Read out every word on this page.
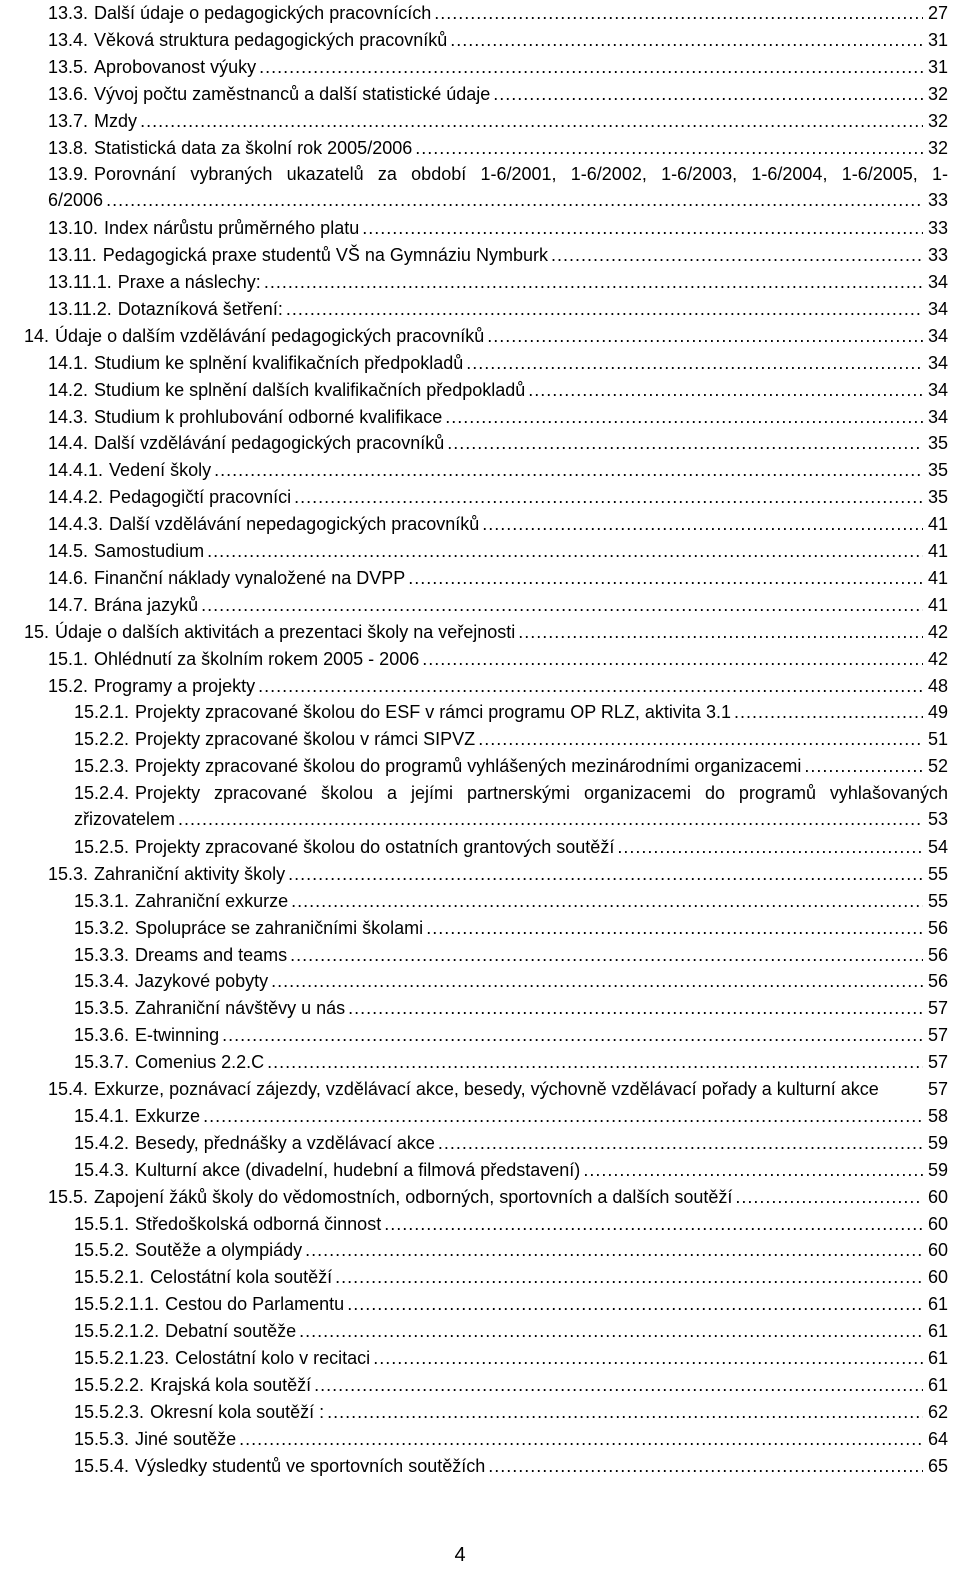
13.3. Další údaje o pedagogických pracovnících .....	27
13.4. Věková struktura pedagogických pracovníků .....	31
13.5. Aprobovanost výuky .....	31
13.6. Vývoj počtu zaměstnanců a další statistické údaje .....	32
13.7. Mzdy .....	32
13.8. Statistická data za školní rok 2005/2006 .....	32
13.9. Porovnání vybraných ukazatelů za období 1-6/2001, 1-6/2002, 1-6/2003, 1-6/2004, 1-6/2005, 1-
6/2006 .....	33
13.10. Index nárůstu průměrného platu .....	33
13.11. Pedagogická praxe studentů VŠ na Gymnáziu Nymburk .....	33
13.11.1. Praxe a náslechy: .....	34
13.11.2. Dotazníková šetření: .....	34
14. Údaje o dalším vzdělávání pedagogických pracovníků .....	34
14.1. Studium ke splnění kvalifikačních předpokladů .....	34
14.2. Studium ke splnění dalších kvalifikačních předpokladů .....	34
14.3. Studium k prohlubování odborné kvalifikace .....	34
14.4. Další vzdělávání pedagogických pracovníků .....	35
14.4.1. Vedení školy .....	35
14.4.2. Pedagogičtí pracovníci .....	35
14.4.3. Další vzdělávání nepedagogických pracovníků .....	41
14.5. Samostudium .....	41
14.6. Finanční náklady vynaložené na DVPP .....	41
14.7. Brána jazyků .....	41
15. Údaje o dalších aktivitách a prezentaci školy na veřejnosti .....	42
15.1. Ohlédnutí za školním rokem 2005 - 2006 .....	42
15.2. Programy a projekty .....	48
15.2.1. Projekty zpracované školou do ESF v rámci programu OP RLZ, aktivita 3.1 .....	49
15.2.2. Projekty zpracované školou v rámci SIPVZ .....	51
15.2.3. Projekty zpracované školou do programů vyhlášených mezinárodními organizacemi .....	52
15.2.4. Projekty zpracované školou a jejími partnerskými organizacemi do programů vyhlašovaných
zřizovatelem .....	53
15.2.5. Projekty zpracované školou do ostatních grantových soutěží .....	54
15.3. Zahraniční aktivity školy .....	55
15.3.1. Zahraniční exkurze .....	55
15.3.2. Spolupráce se zahraničními školami .....	56
15.3.3. Dreams and teams .....	56
15.3.4. Jazykové pobyty .....	56
15.3.5. Zahraniční návštěvy u nás .....	57
15.3.6. E-twinning .....	57
15.3.7. Comenius 2.2.C .....	57
15.4. Exkurze, poznávací zájezdy, vzdělávací akce, besedy, výchovně vzdělávací pořady a kulturní akce	57
15.4.1. Exkurze .....	58
15.4.2. Besedy, přednášky a vzdělávací akce .....	59
15.4.3. Kulturní akce (divadelní, hudební a filmová představení) .....	59
15.5. Zapojení žáků školy do vědomostních, odborných, sportovních a dalších soutěží .....	60
15.5.1. Středoškolská odborná činnost .....	60
15.5.2. Soutěže a olympiády .....	60
15.5.2.1. Celostátní kola soutěží .....	60
15.5.2.1.1. Cestou do Parlamentu .....	61
15.5.2.1.2. Debatní soutěže .....	61
15.5.2.1.23. Celostátní kolo v recitaci .....	61
15.5.2.2. Krajská kola soutěží .....	61
15.5.2.3. Okresní kola soutěží : .....	62
15.5.3. Jiné soutěže .....	64
15.5.4. Výsledky studentů ve sportovních soutěžích .....	65
4
